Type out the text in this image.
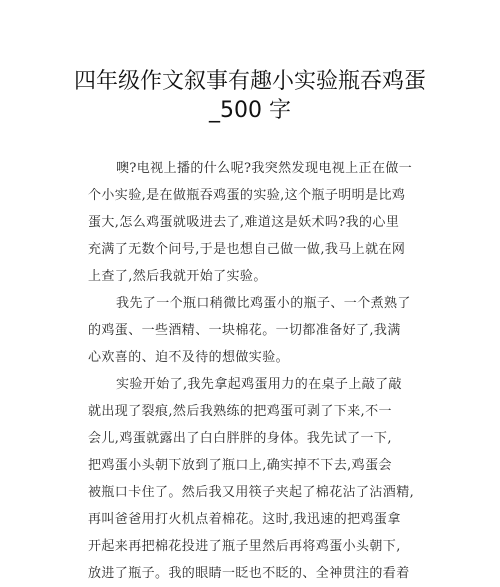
四年级作文叙事有趣小实验瓶吞鸡蛋
_500 字
噢?电视上播的什么呢?我突然发现电视上正在做一
个小实验,是在做瓶吞鸡蛋的实验,这个瓶子明明是比鸡
蛋大,怎么鸡蛋就吸进去了,难道这是妖术吗?我的心里
充满了无数个问号,于是也想自己做一做,我马上就在网
上查了,然后我就开始了实验。
我先了一个瓶口稍微比鸡蛋小的瓶子、一个煮熟了
的鸡蛋、一些酒精、一块棉花。一切都准备好了,我满
心欢喜的、迫不及待的想做实验。
实验开始了,我先拿起鸡蛋用力的在桌子上敲了敲
就出现了裂痕,然后我熟练的把鸡蛋可剥了下来,不一
会儿,鸡蛋就露出了白白胖胖的身体。我先试了一下,
把鸡蛋小头朝下放到了瓶口上,确实掉不下去,鸡蛋会
被瓶口卡住了。然后我又用筷子夹起了棉花沾了沾酒精,
再叫爸爸用打火机点着棉花。这时,我迅速的把鸡蛋拿
开起来再把棉花投进了瓶子里然后再将鸡蛋小头朝下,
放进了瓶子。我的眼睛一眨也不眨的、全神贯注的看着
